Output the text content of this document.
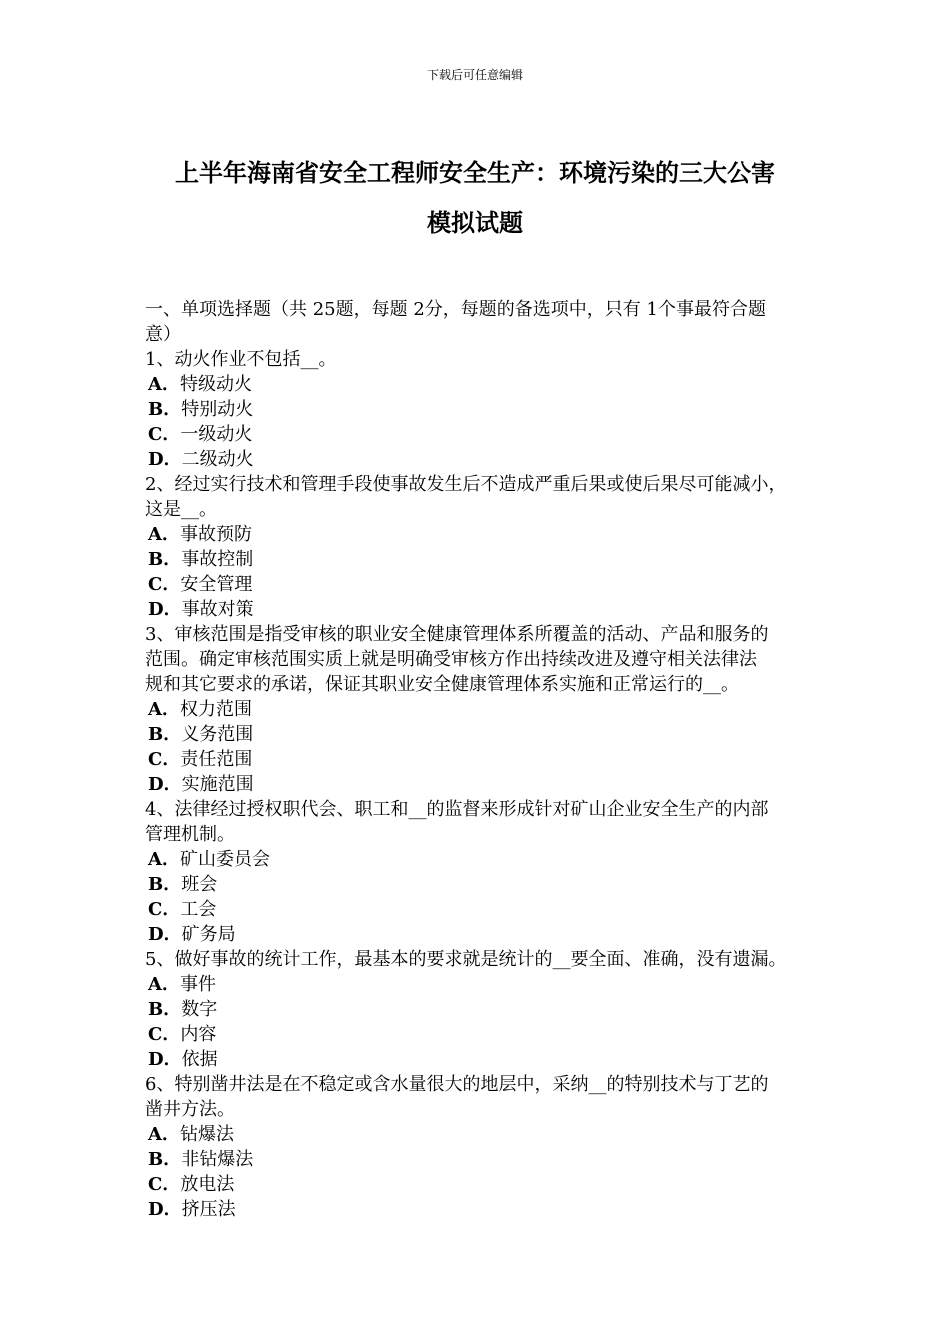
下载后可任意编辑
上半年海南省安全工程师安全生产：环境污染的三大公害
模拟试题
一、单项选择题（共 25题，每题 2分，每题的备选项中，只有 1个事最符合题
意）
1、动火作业不包括__。
A．特级动火
B．特别动火
C．一级动火
D．二级动火
2、经过实行技术和管理手段使事故发生后不造成严重后果或使后果尽可能减小，
这是__。
A．事故预防
B．事故控制
C．安全管理
D．事故对策
3、审核范围是指受审核的职业安全健康管理体系所覆盖的活动、产品和服务的
范围。确定审核范围实质上就是明确受审核方作出持续改进及遵守相关法律法
规和其它要求的承诺，保证其职业安全健康管理体系实施和正常运行的__。
A．权力范围
B．义务范围
C．责任范围
D．实施范围
4、法律经过授权职代会、职工和__的监督来形成针对矿山企业安全生产的内部
管理机制。
A．矿山委员会
B．班会
C．工会
D．矿务局
5、做好事故的统计工作，最基本的要求就是统计的__要全面、准确，没有遗漏。
A．事件
B．数字
C．内容
D．依据
6、特别凿井法是在不稳定或含水量很大的地层中，采纳__的特别技术与丁艺的
凿井方法。
A．钻爆法
B．非钻爆法
C．放电法
D．挤压法
